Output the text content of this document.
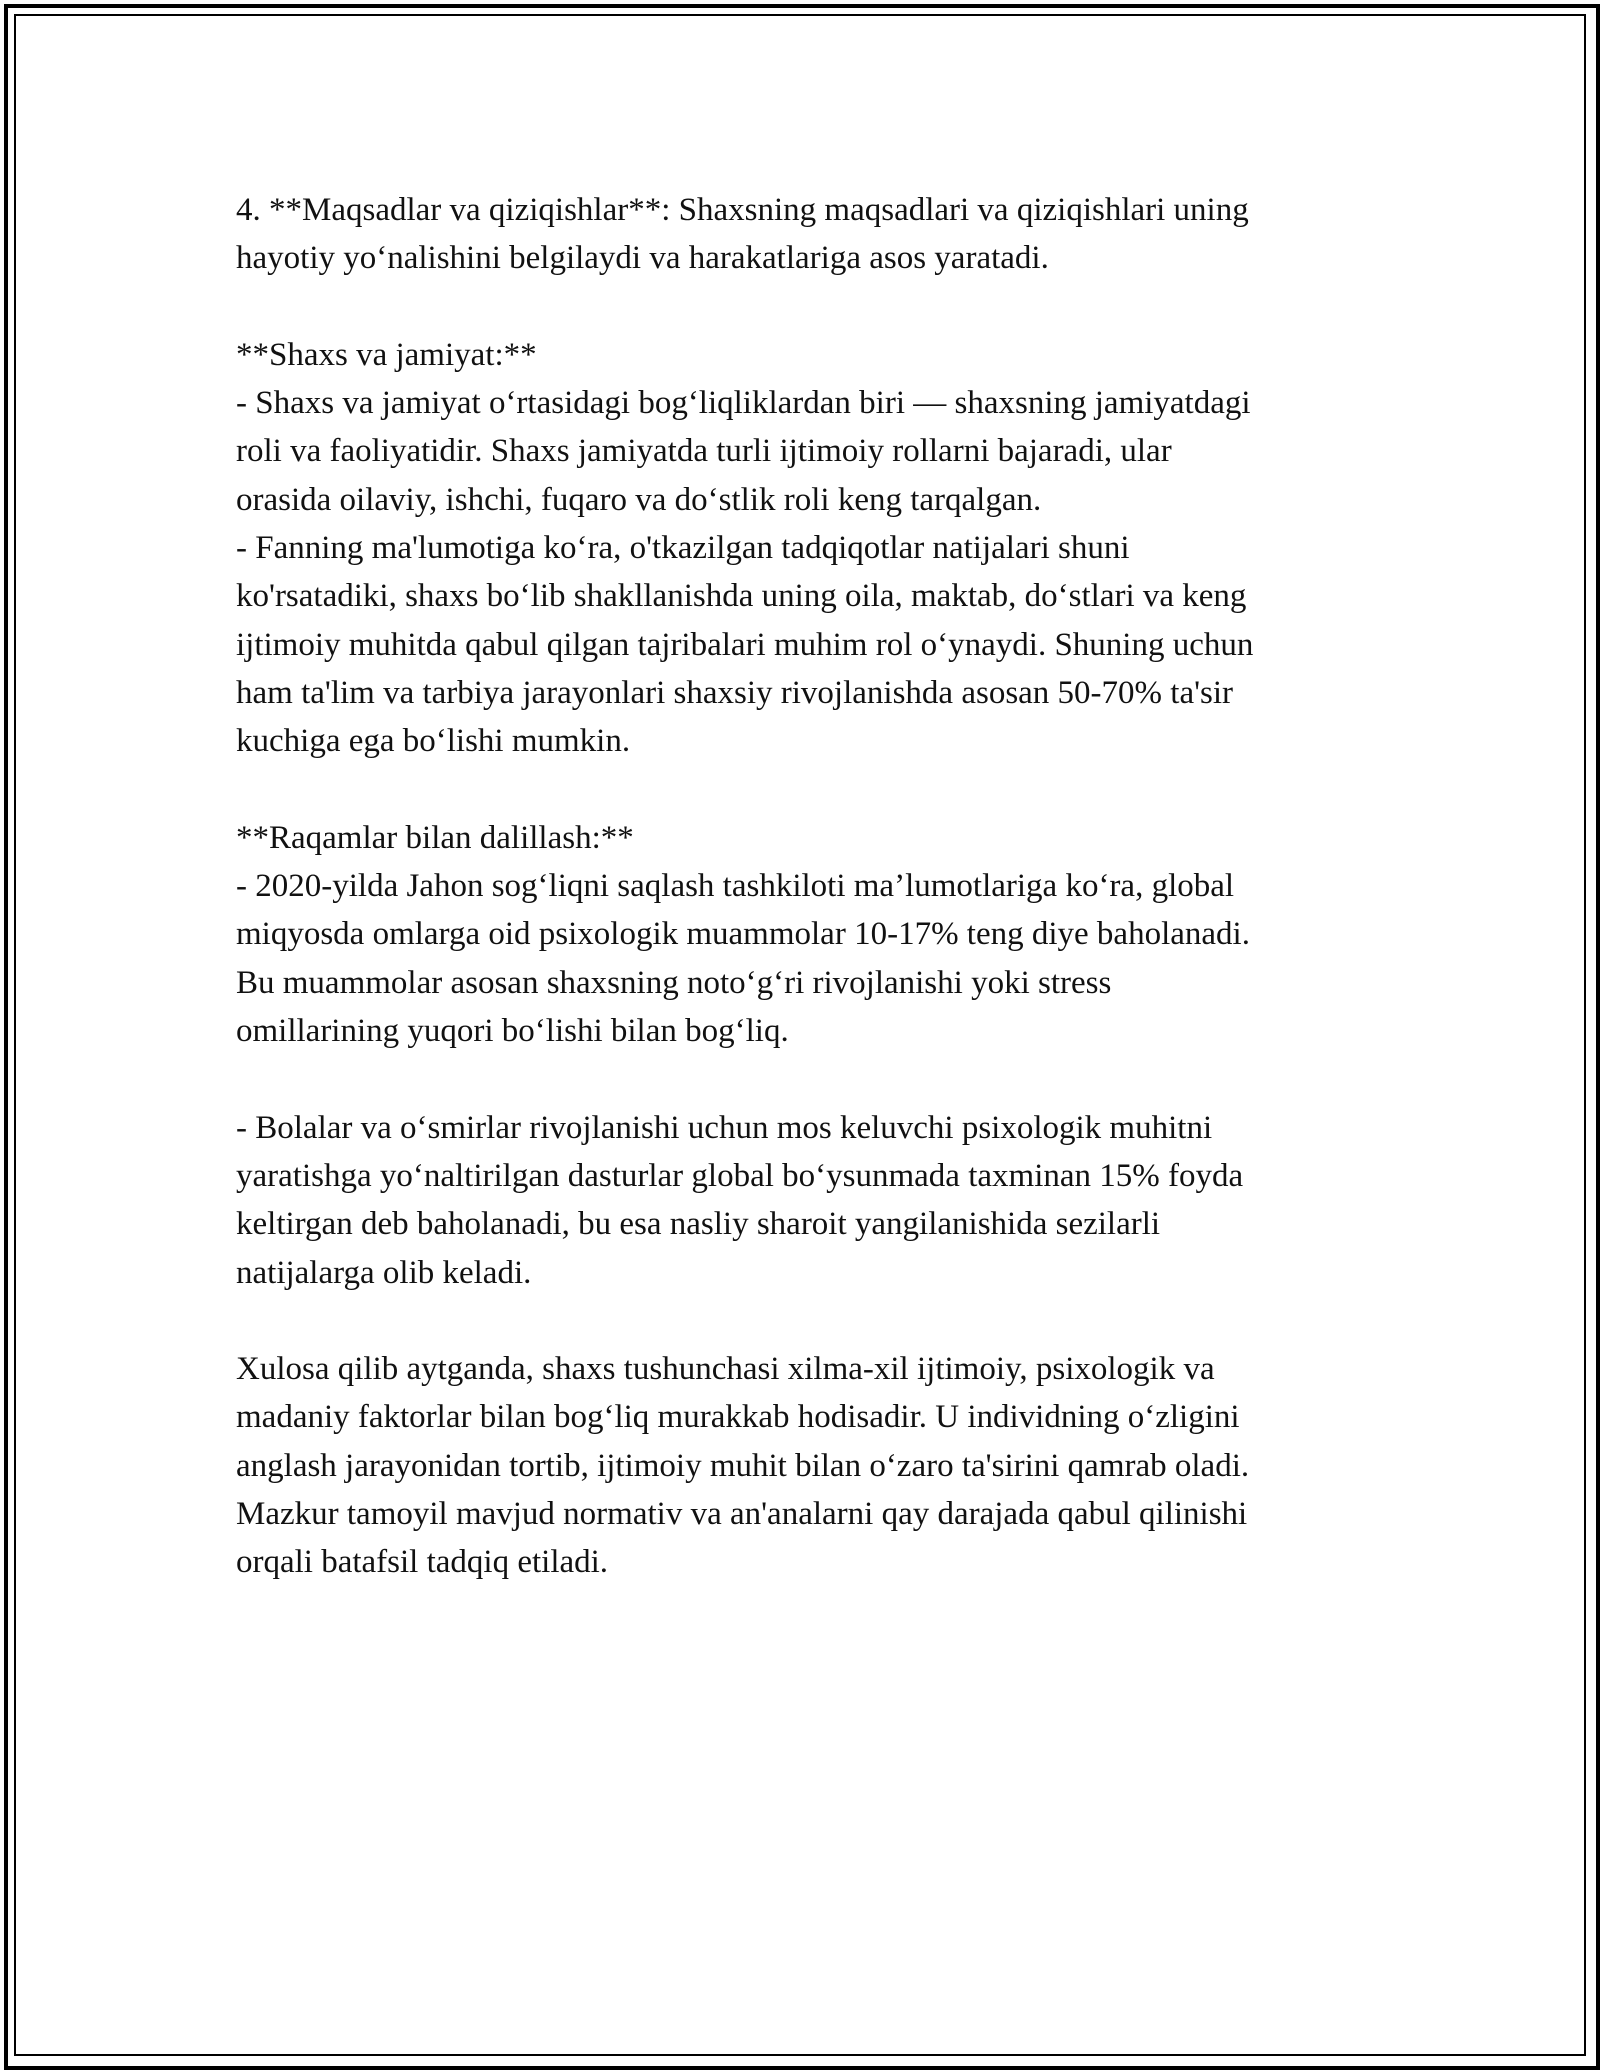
4. **Maqsadlar va qiziqishlar**: Shaxsning maqsadlari va qiziqishlari uning
hayotiy yo‘nalishini belgilaydi va harakatlariga asos yaratadi.
**Shaxs va jamiyat:**
- Shaxs va jamiyat o‘rtasidagi bog‘liqliklardan biri — shaxsning jamiyatdagi
roli va faoliyatidir. Shaxs jamiyatda turli ijtimoiy rollarni bajaradi, ular
orasida oilaviy, ishchi, fuqaro va do‘stlik roli keng tarqalgan.
- Fanning ma'lumotiga ko‘ra, o'tkazilgan tadqiqotlar natijalari shuni
ko'rsatadiki, shaxs bo‘lib shakllanishda uning oila, maktab, do‘stlari va keng
ijtimoiy muhitda qabul qilgan tajribalari muhim rol o‘ynaydi. Shuning uchun
ham ta'lim va tarbiya jarayonlari shaxsiy rivojlanishda asosan 50-70% ta'sir
kuchiga ega bo‘lishi mumkin.
**Raqamlar bilan dalillash:**
- 2020-yilda Jahon sog‘liqni saqlash tashkiloti ma’lumotlariga ko‘ra, global
miqyosda omlarga oid psixologik muammolar 10-17% teng diye baholanadi.
Bu muammolar asosan shaxsning noto‘g‘ri rivojlanishi yoki stress
omillarining yuqori bo‘lishi bilan bog‘liq.
- Bolalar va o‘smirlar rivojlanishi uchun mos keluvchi psixologik muhitni
yaratishga yo‘naltirilgan dasturlar global bo‘ysunmada taxminan 15% foyda
keltirgan deb baholanadi, bu esa nasliy sharoit yangilanishida sezilarli
natijalarga olib keladi.
Xulosa qilib aytganda, shaxs tushunchasi xilma-xil ijtimoiy, psixologik va
madaniy faktorlar bilan bog‘liq murakkab hodisadir. U individning o‘zligini
anglash jarayonidan tortib, ijtimoiy muhit bilan o‘zaro ta'sirini qamrab oladi.
Mazkur tamoyil mavjud normativ va an'analarni qay darajada qabul qilinishi
orqali batafsil tadqiq etiladi.
